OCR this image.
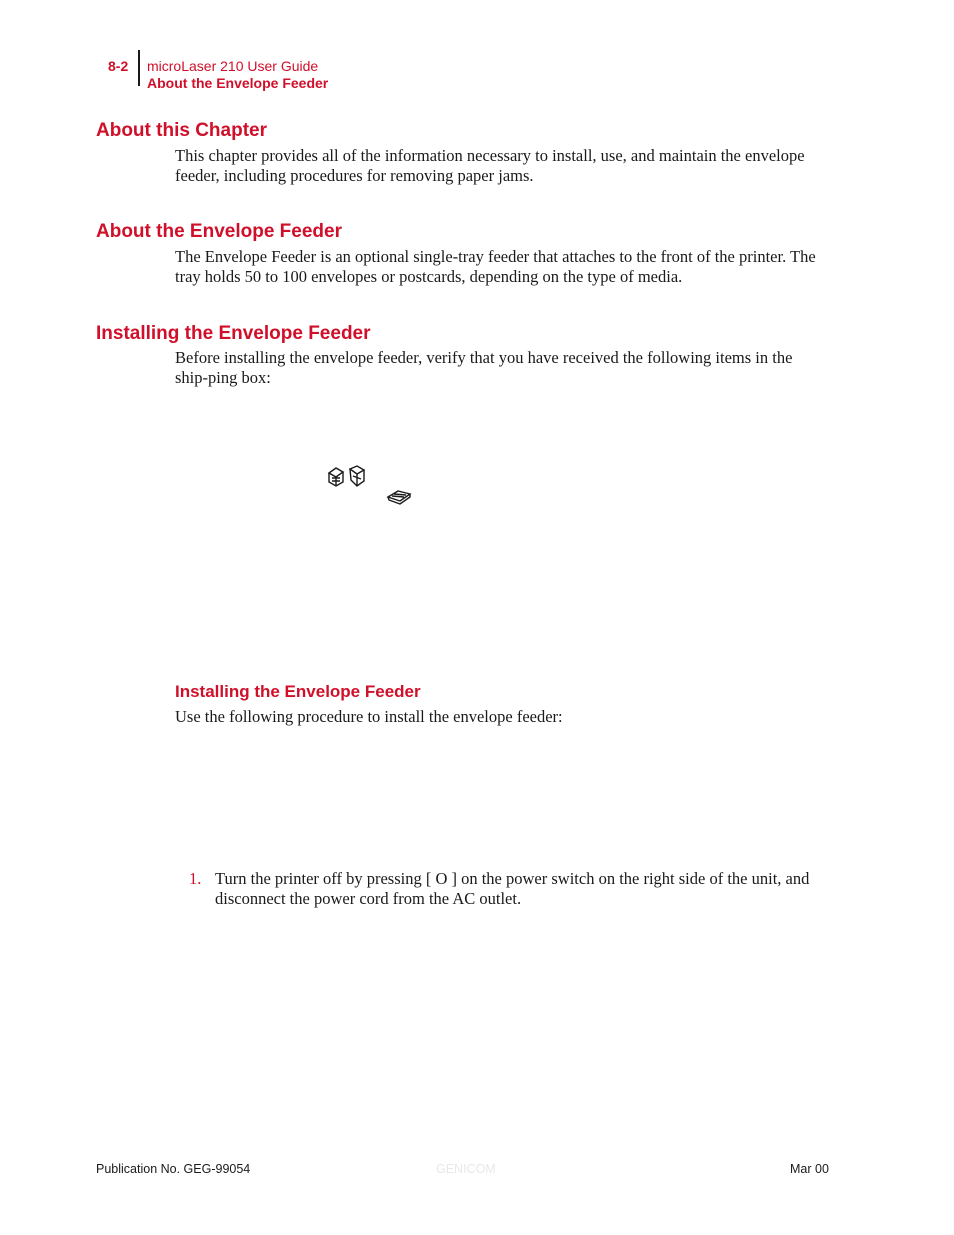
8-2 microLaser 210 User Guide
About the Envelope Feeder
About this Chapter

This chapter provides all of the information necessary to install, use, and maintain the envelope feeder, including procedures for removing paper jams.

About the Envelope Feeder

The Envelope Feeder is an optional single-tray feeder that attaches to the front of the printer. The tray holds 50 to 100 envelopes or postcards, depending on the type of media.

Installing the Envelope Feeder

Before installing the envelope feeder, verify that you have received the following items in the ship-ping box:

Installing the Envelope Feeder

Use the following procedure to install the envelope feeder:

1. Turn the printer off by pressing [ O ] on the power switch on the right side of the unit, and disconnect the power cord from the AC outlet.
Publication No. GEG-99054	GENICOM	Mar 00
